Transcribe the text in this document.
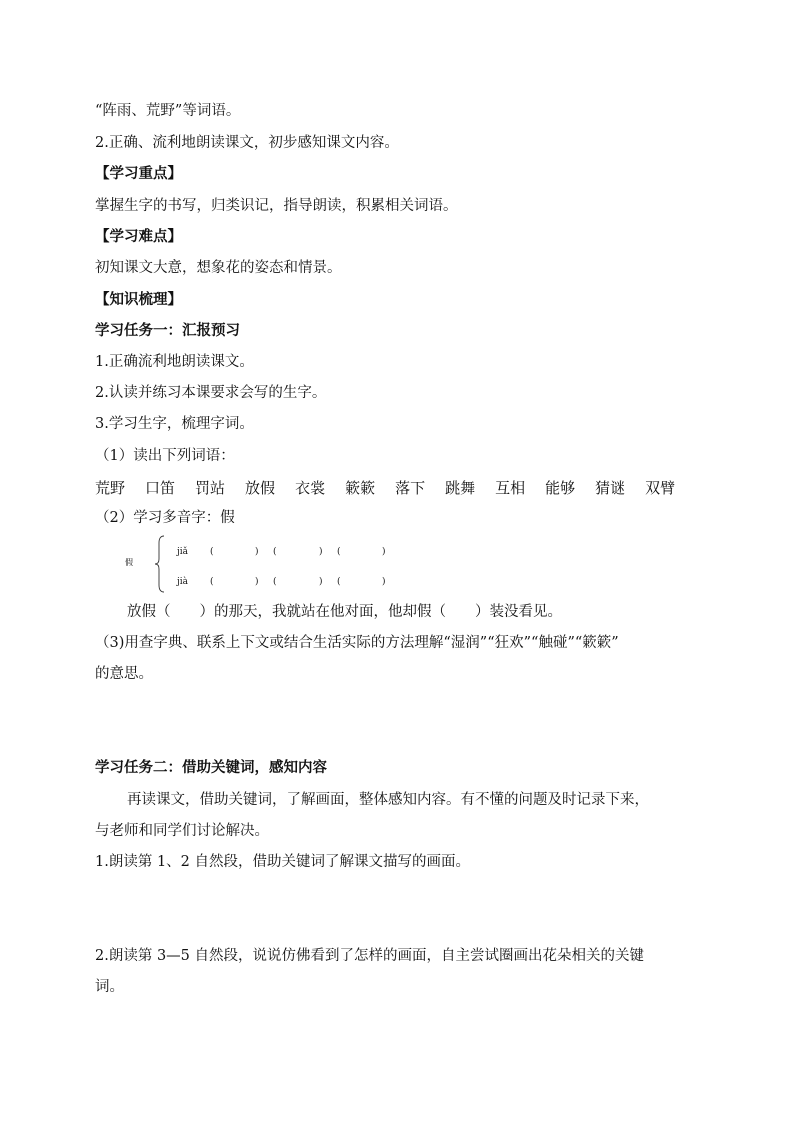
“阵雨、荒野”等词语。
2.正确、流利地朗读课文，初步感知课文内容。
【学习重点】
掌握生字的书写，归类识记，指导朗读，积累相关词语。
【学习难点】
初知课文大意，想象花的姿态和情景。
【知识梳理】
学习任务一：汇报预习
1.正确流利地朗读课文。
2.认读并练习本课要求会写的生字。
3.学习生字，梳理字词。
（1）读出下列词语：
荒野 口笛 罚站 放假 衣裳 簌簌 落下 跳舞 互相 能够 猜谜 双臂
（2）学习多音字：假
假
jiǎ (	) (	) (	)
jià (	) (	) (	)
放假（　　）的那天，我就站在他对面，他却假（　　）装没看见。
（3)用查字典、联系上下文或结合生活实际的方法理解“湿润”“狂欢”“触碰”“簌簌”
的意思。
学习任务二：借助关键词，感知内容
再读课文，借助关键词，了解画面，整体感知内容。有不懂的问题及时记录下来，
与老师和同学们讨论解决。
1.朗读第 1、2 自然段，借助关键词了解课文描写的画面。
2.朗读第 3—5 自然段，说说仿佛看到了怎样的画面，自主尝试圈画出花朵相关的关键
词。
